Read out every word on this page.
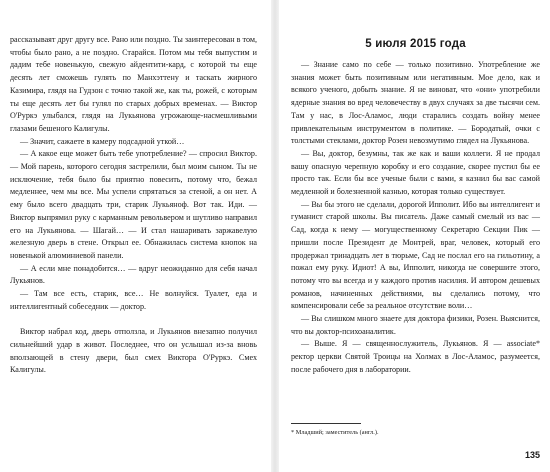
рассказываят друг другу все. Рано или поздно. Ты заинтересован в том, чтобы было рано, а не поздно. Старайся. Потом мы тебя выпустим и дадим тебе новенькую, свежую айдентити-кард, с которой ты еще десять лет сможешь гулять по Манхэттену и таскать жирного Казимира, глядя на Гудзон с точно такой же, как ты, рожей, с которым ты еще десять лет бы гулял по старых добрых временах. — Виктор О'Руркэ улыбался, глядя на Лукьянова угрожающе-насмешливыми глазами бешеного Калигулы.

— Значит, сажаете в камеру подсадной уткой…

— А какое еще может быть тебе употребление? — спросил Виктор. — Мой парень, которого сегодня застрелили, был моим сыном. Ты не исключение, тебя было бы приятно повесить, потому что, бежал медленнее, чем мы все. Мы успели спрятаться за стеной, а он нет. А ему было всего двадцать три, старик Лукьяноф. Вот так. Иди. — Виктор выпрямил руку с карманным револьвером и шутливо направил его на Лукьянова. — Шагай… — И стал нашаривать заржавелую железную дверь в стене. Открыл ее. Обнажилась система кнопок на новенькой алюминиевой панели.

— А если мне понадобится… — вдруг неожиданно для себя начал Лукьянов.

— Там все есть, старик, все… Не волнуйся. Туалет, еда и интеллигентный собеседник — доктор.

Виктор набрал код, дверь отползла, и Лукьянов внезапно получил сильнейший удар в живот. Последнее, что он услышал из-за вновь вползающей в стену двери, был смех Виктора О'Руркэ. Смех Калигулы.

5 июля 2015 года

— Знание само по себе — только позитивно. Употребление же знания может быть позитивным или негативным. Мое дело, как и всякого ученого, добыть знание. Я не виноват, что «они» употребили ядерные знания во вред человечеству в двух случаях за две тысячи сем. Там у нас, в Лос-Аламос, люди старались создать войну менее привлекательным инструментом в политике. — Бородатый, очки с толстыми стеклами, доктор Розен невозмутимо глядел на Лукьянова.

— Вы, доктор, безумны, так же как и ваши коллеги. Я не продал вашу опасную черепную коробку и его создание, скорее пустил бы ее просто так. Если бы все ученые были с вами, я казнил бы вас самой медленной и болезненной казнью, которая только существует.

— Вы бы этого не сделали, дорогой Ипполит. Ибо вы интеллигент и гуманист старой школы. Вы писатель. Даже самый смелый из вас — Сад, когда к нему — могущественному Секретарю Секции Пик — пришли после Президент де Монтрей, враг, человек, который его продержал тринадцать лет в тюрьме, Сад не послал его на гильотину, а пожал ему руку. Идиот! А вы, Ипполит, никогда не совершите этого, потому что вы всегда и у каждого против насилия. И автором дешевых романов, начиненных действиями, вы сделались потому, что компенсировали себе за реальное отсутствие воли…

— Вы слишком много знаете для доктора физики, Розен. Выяснится, что вы доктор-психоаналитик.

— Выше. Я — священнослужитель, Лукьянов. Я — associate* ректор церкви Святой Троицы на Холмах в Лос-Аламос, разумеется, после рабочего дня в лаборатории.

* Младший; заместитель (англ.).
135
